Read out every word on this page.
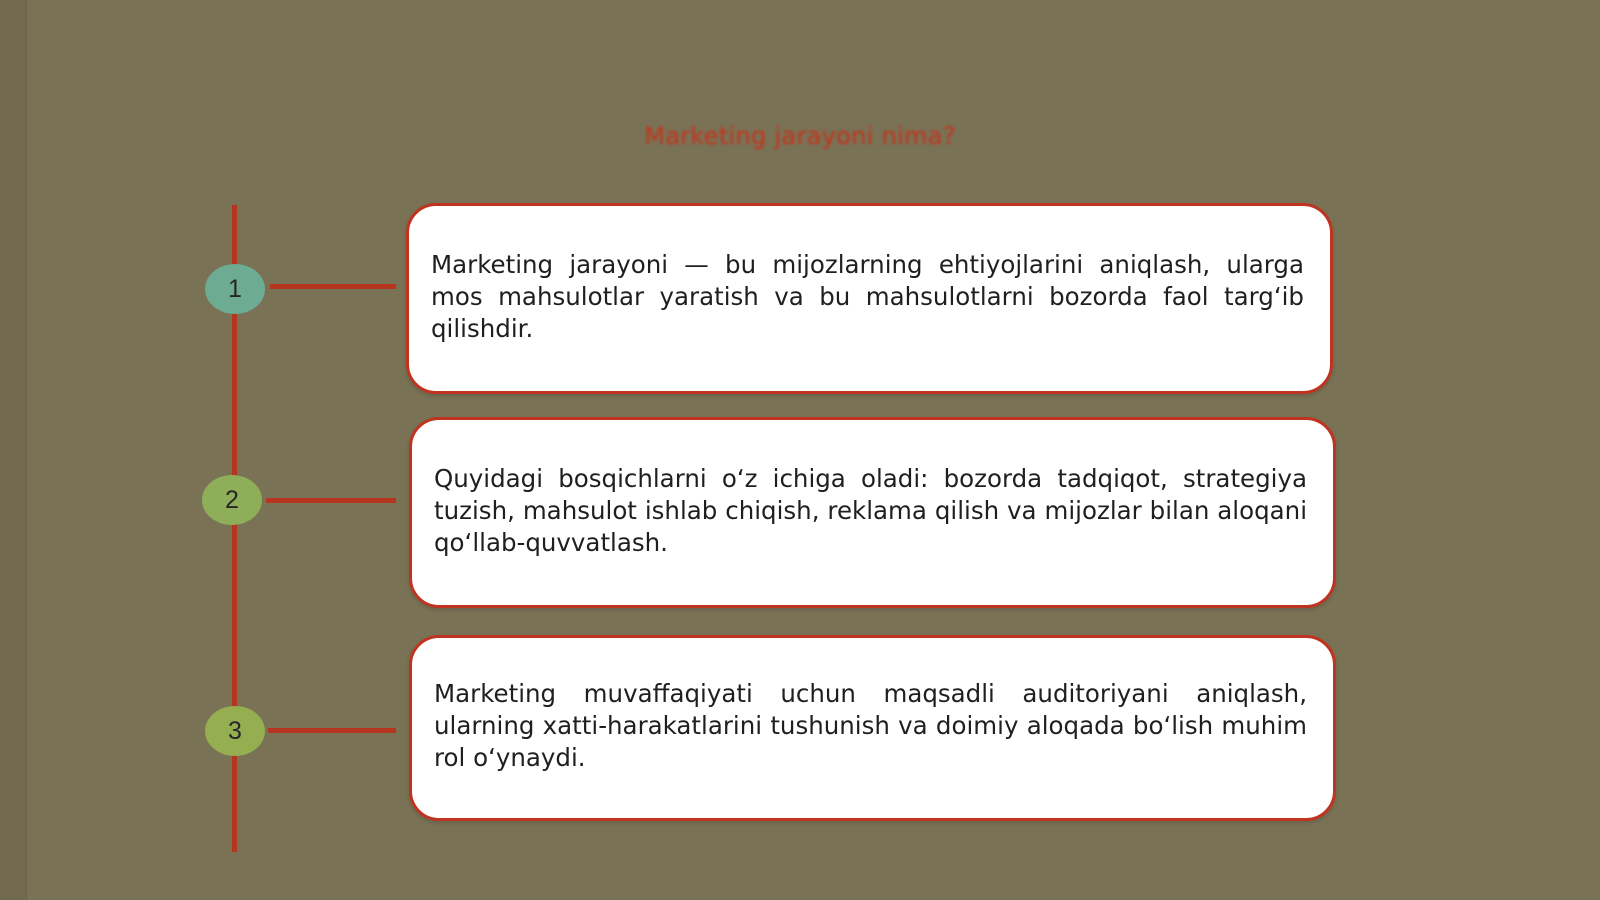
Marketing jarayoni nima?
1

Marketing jarayoni — bu mijozlarning ehtiyojlarini aniqlash, ularga mos mahsulotlar yaratish va bu mahsulotlarni bozorda faol targʻib qilishdir.

2

Quyidagi bosqichlarni oʻz ichiga oladi: bozorda tadqiqot, strategiya tuzish, mahsulot ishlab chiqish, reklama qilish va mijozlar bilan aloqani qoʻllab-quvvatlash.

3

Marketing muvaffaqiyati uchun maqsadli auditoriyani aniqlash, ularning xatti-harakatlarini tushunish va doimiy aloqada boʻlish muhim rol oʻynaydi.
